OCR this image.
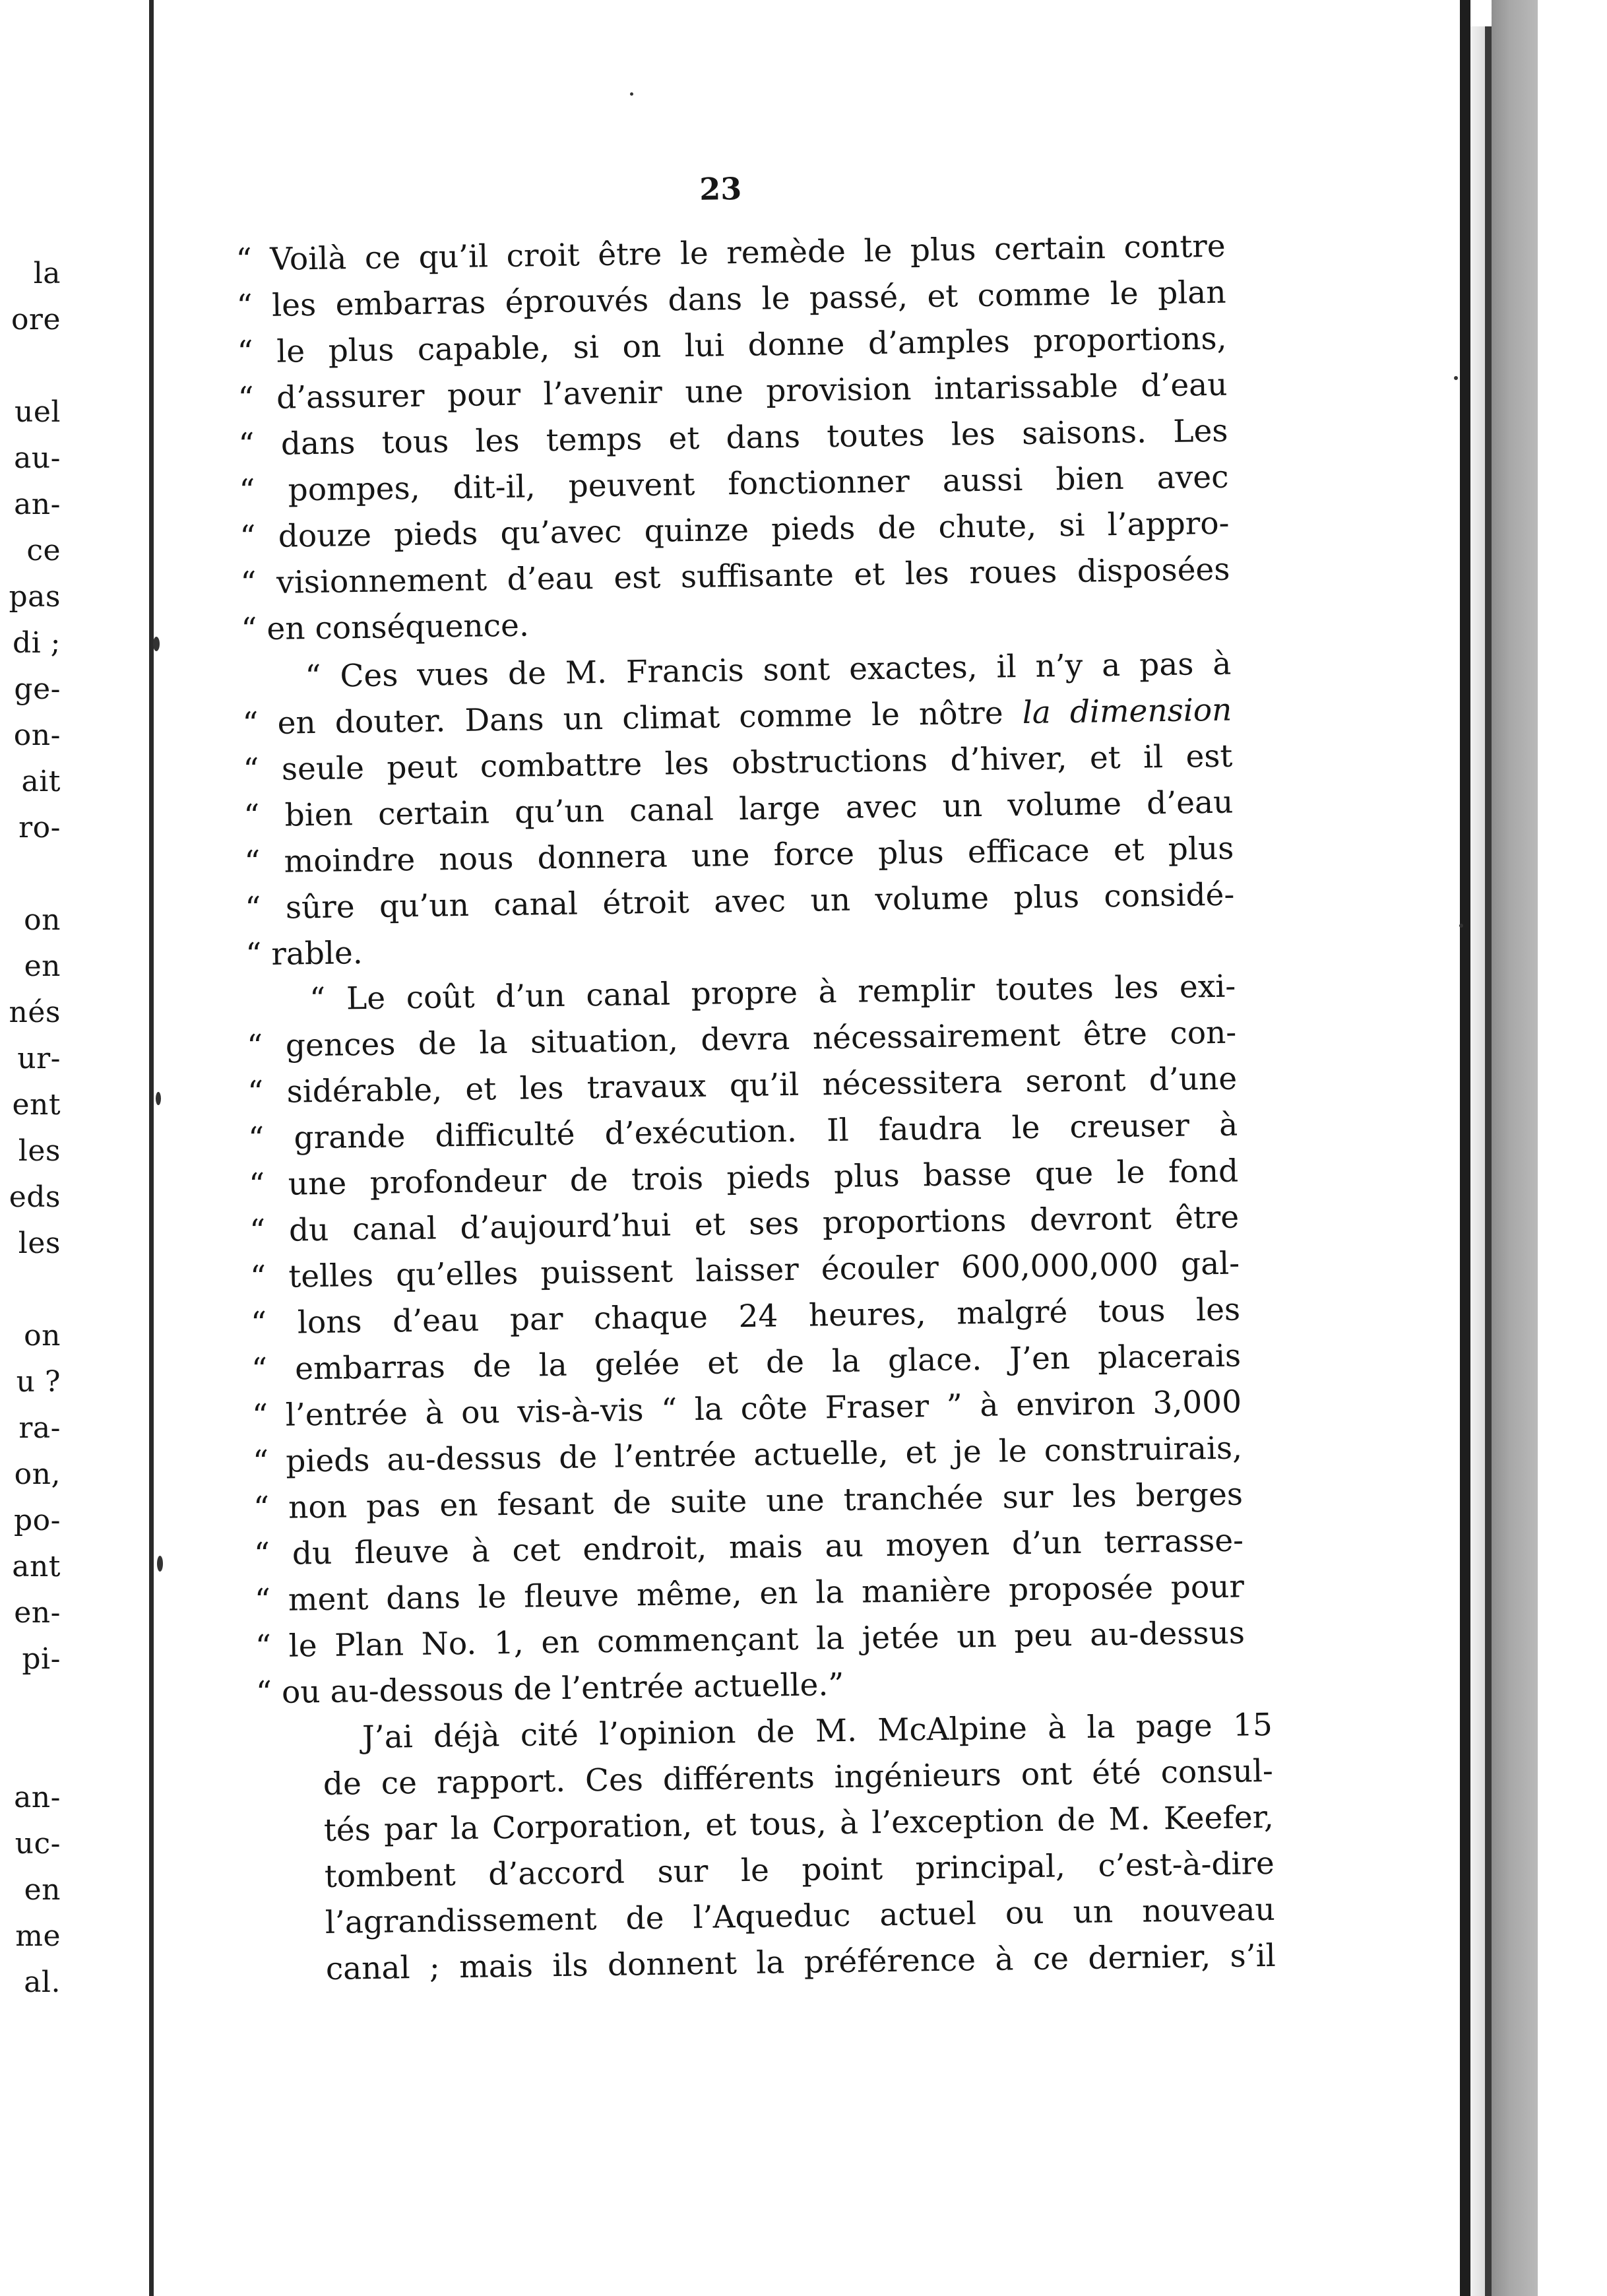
la
ore
uel
au-
an-
ce
pas
di ;
ge-
on-
ait
ro-
on
en
nés
ur-
ent
les
eds
les
on
u ?
ra-
on,
po-
ant
en-
pi-
an-
uc-
en
me
al.
23
“ Voilà ce qu’il croit être le remède le plus certain contre
“ les embarras éprouvés dans le passé, et comme le plan
“ le plus capable, si on lui donne d’amples proportions,
“ d’assurer pour l’avenir une provision intarissable d’eau
“ dans tous les temps et dans toutes les saisons. Les
“ pompes, dit-il, peuvent fonctionner aussi bien avec
“ douze pieds qu’avec quinze pieds de chute, si l’appro-
“ visionnement d’eau est suffisante et les roues disposées
“ en conséquence.
“ Ces vues de M. Francis sont exactes, il n’y a pas à
“ en douter. Dans un climat comme le nôtre la dimension
“ seule peut combattre les obstructions d’hiver, et il est
“ bien certain qu’un canal large avec un volume d’eau
“ moindre nous donnera une force plus efficace et plus
“ sûre qu’un canal étroit avec un volume plus considé-
“ rable.
“ Le coût d’un canal propre à remplir toutes les exi-
“ gences de la situation, devra nécessairement être con-
“ sidérable, et les travaux qu’il nécessitera seront d’une
“ grande difficulté d’exécution. Il faudra le creuser à
“ une profondeur de trois pieds plus basse que le fond
“ du canal d’aujourd’hui et ses proportions devront être
“ telles qu’elles puissent laisser écouler 600,000,000 gal-
“ lons d’eau par chaque 24 heures, malgré tous les
“ embarras de la gelée et de la glace. J’en placerais
“ l’entrée à ou vis-à-vis “ la côte Fraser ” à environ 3,000
“ pieds au-dessus de l’entrée actuelle, et je le construirais,
“ non pas en fesant de suite une tranchée sur les berges
“ du fleuve à cet endroit, mais au moyen d’un terrasse-
“ ment dans le fleuve même, en la manière proposée pour
“ le Plan No. 1, en commençant la jetée un peu au-dessus
“ ou au-dessous de l’entrée actuelle.”
J’ai déjà cité l’opinion de M. McAlpine à la page 15
de ce rapport. Ces différents ingénieurs ont été consul-
tés par la Corporation, et tous, à l’exception de M. Keefer,
tombent d’accord sur le point principal, c’est-à-dire
l’agrandissement de l’Aqueduc actuel ou un nouveau
canal ; mais ils donnent la préférence à ce dernier, s’il
